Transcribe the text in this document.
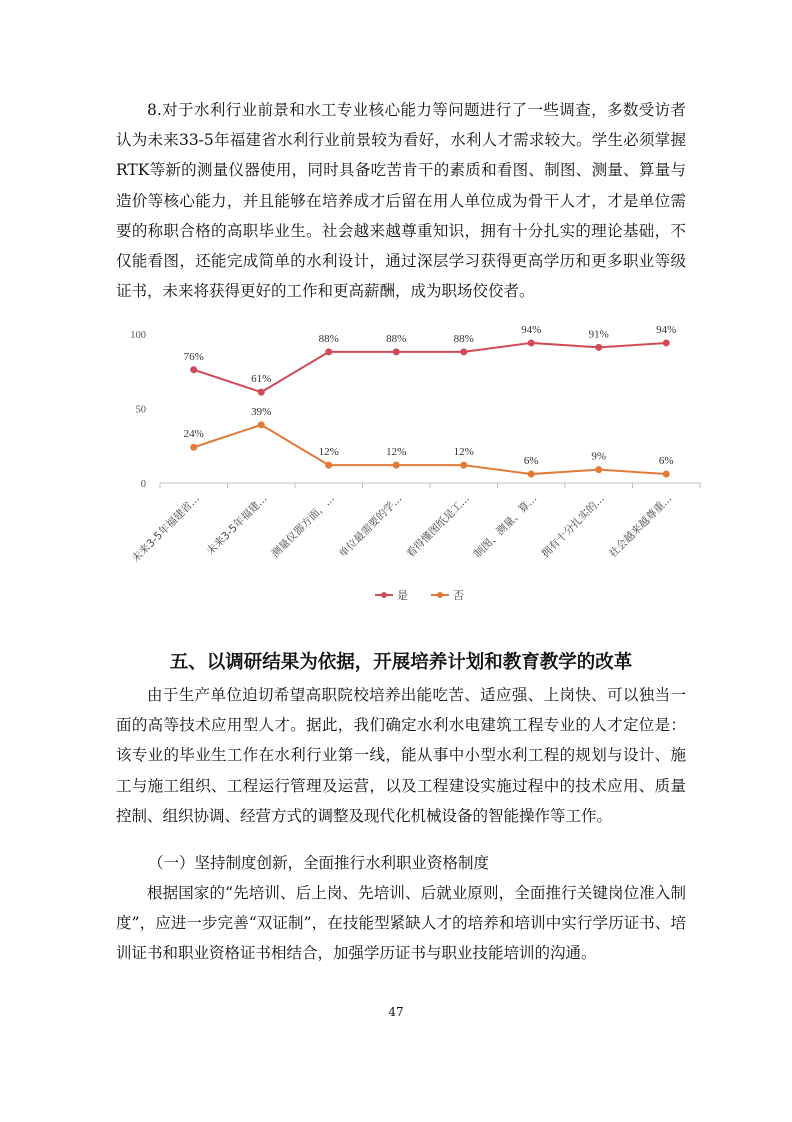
8.对于水利行业前景和水工专业核心能力等问题进行了一些调查，多数受访者认为未来33-5年福建省水利行业前景较为看好，水利人才需求较大。学生必须掌握RTK等新的测量仪器使用，同时具备吃苦肯干的素质和看图、制图、测量、算量与造价等核心能力，并且能够在培养成才后留在用人单位成为骨干人才，才是单位需要的称职合格的高职毕业生。社会越来越尊重知识，拥有十分扎实的理论基础，不仅能看图，还能完成简单的水利设计，通过深层学习获得更高学历和更多职业等级证书，未来将获得更好的工作和更高薪酬，成为职场佼佼者。

0
50
100
76%
61%
88%	88%	88%
94%	91%	94%
24%
39%
12%	12%	12%
6%	9%	6%
未来3-5年福建省... 未来3-5年福建... 测量仪器方面，... 单位最需要的学... 看得懂图纸是工... 制图、测量、算... 拥有十分扎实的... 社会越来越尊重...
是	否
五、以调研结果为依据，开展培养计划和教育教学的改革

由于生产单位迫切希望高职院校培养出能吃苦、适应强、上岗快、可以独当一面的高等技术应用型人才。据此，我们确定水利水电建筑工程专业的人才定位是：该专业的毕业生工作在水利行业第一线，能从事中小型水利工程的规划与设计、施工与施工组织、工程运行管理及运营，以及工程建设实施过程中的技术应用、质量控制、组织协调、经营方式的调整及现代化机械设备的智能操作等工作。

（一）坚持制度创新，全面推行水利职业资格制度

根据国家的“先培训、后上岗、先培训、后就业原则，全面推行关键岗位准入制度”，应进一步完善“双证制”，在技能型紧缺人才的培养和培训中实行学历证书、培训证书和职业资格证书相结合，加强学历证书与职业技能培训的沟通。

47
